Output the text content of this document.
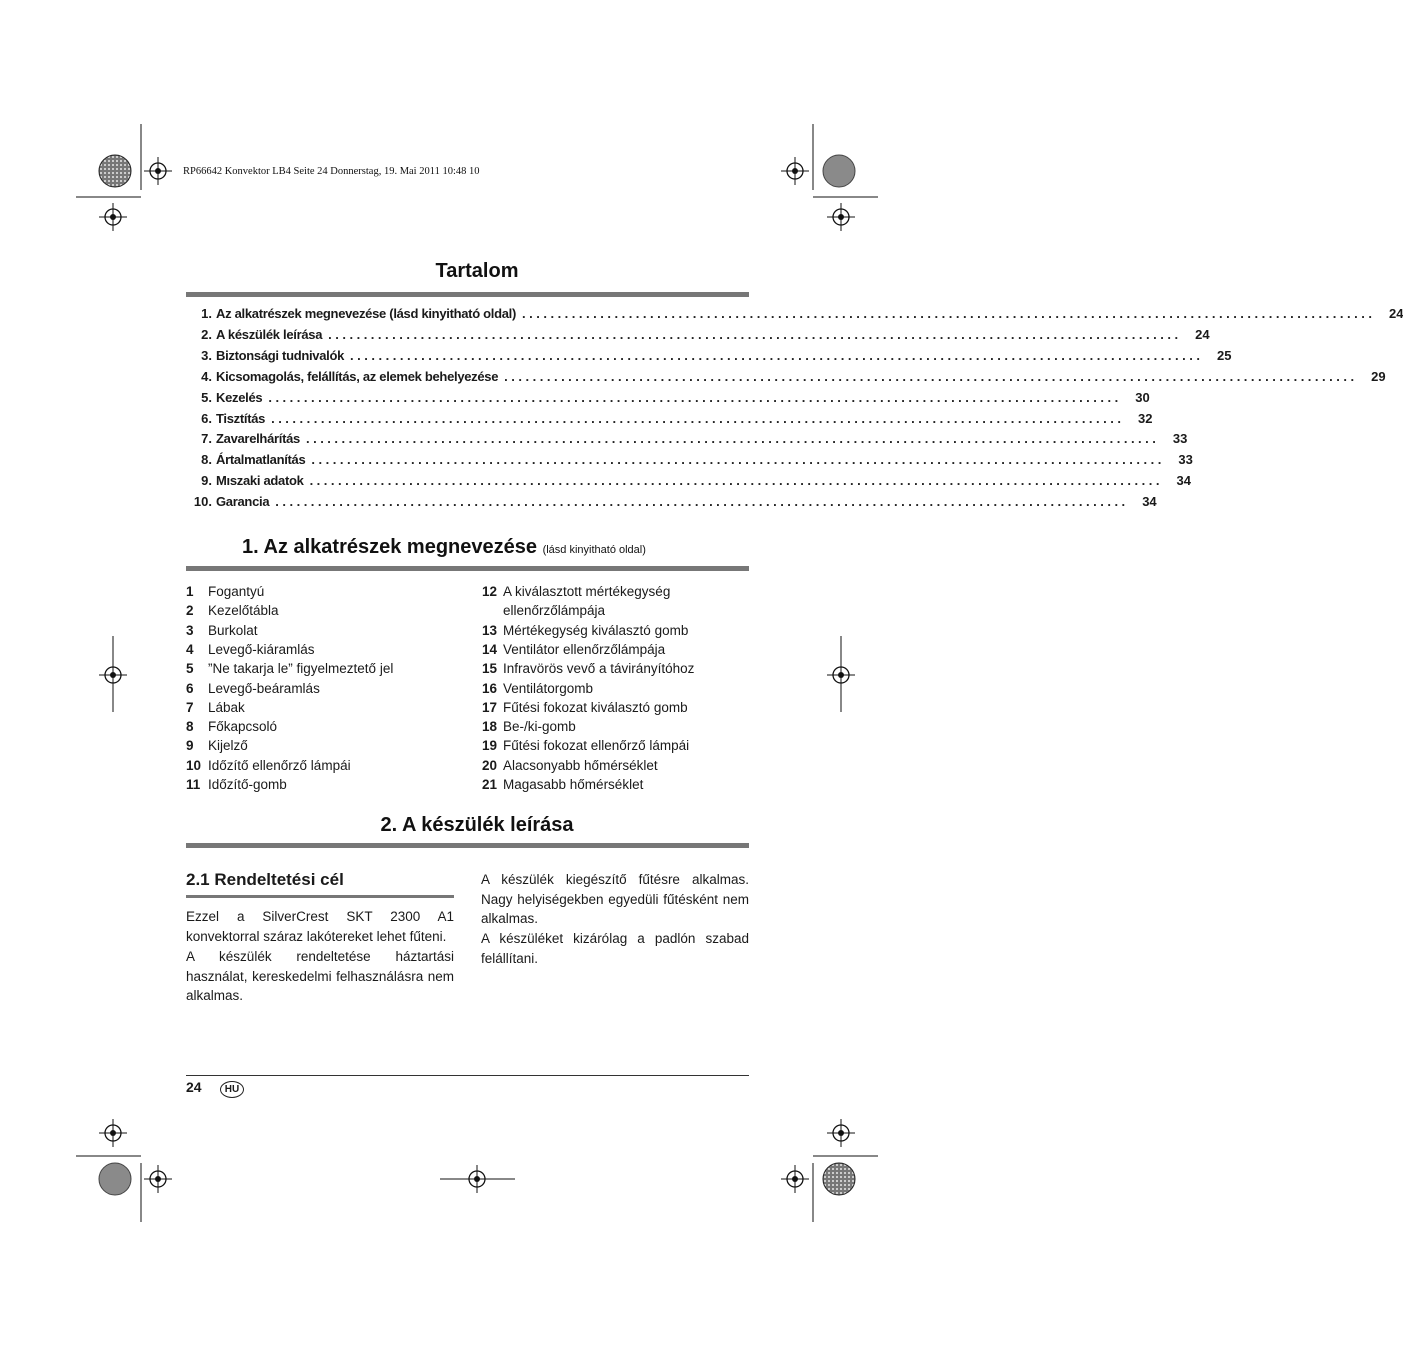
RP66642 Konvektor LB4 Seite 24 Donnerstag, 19. Mai 2011 10:48 10
Tartalom
1. Az alkatrészek megnevezése (lásd kinyitható oldal) ........................................................................................................................	24
2. A készülék leírása ........................................................................................................................	24
3. Biztonsági tudnivalók ........................................................................................................................	25
4. Kicsomagolás, felállítás, az elemek behelyezése ........................................................................................................................	29
5. Kezelés ........................................................................................................................	30
6. Tisztítás ........................................................................................................................	32
7. Zavarelhárítás ........................................................................................................................	33
8. Ártalmatlanítás ........................................................................................................................	33
9. Mıszaki adatok ........................................................................................................................	34
10. Garancia ........................................................................................................................	34
1. Az alkatrészek megnevezése (lásd kinyitható oldal)
1 Fogantyú
2 Kezelőtábla
3 Burkolat
4 Levegő-kiáramlás
5 ”Ne takarja le” figyelmeztető jel
6 Levegő-beáramlás
7 Lábak
8 Főkapcsoló
9 Kijelző
10 Időzítő ellenőrző lámpái
11 Időzítő-gomb
12 A kiválasztott mértékegység
ellenőrzőlámpája
13 Mértékegység kiválasztó gomb
14 Ventilátor ellenőrzőlámpája
15 Infravörös vevő a távirányítóhoz
16 Ventilátorgomb
17 Fűtési fokozat kiválasztó gomb
18 Be-/ki-gomb
19 Fűtési fokozat ellenőrző lámpái
20 Alacsonyabb hőmérséklet
21 Magasabb hőmérséklet
2. A készülék leírása
2.1 Rendeltetési cél
Ezzel a SilverCrest SKT 2300 A1 konvektorral száraz lakótereket lehet fűteni.
A készülék rendeltetése háztartási használat, kereskedelmi felhasználásra nem alkalmas.
A készülék kiegészítő fűtésre alkalmas. Nagy helyiségekben egyedüli fűtésként nem alkalmas.
A készüléket kizárólag a padlón szabad felállítani.
24	HU
